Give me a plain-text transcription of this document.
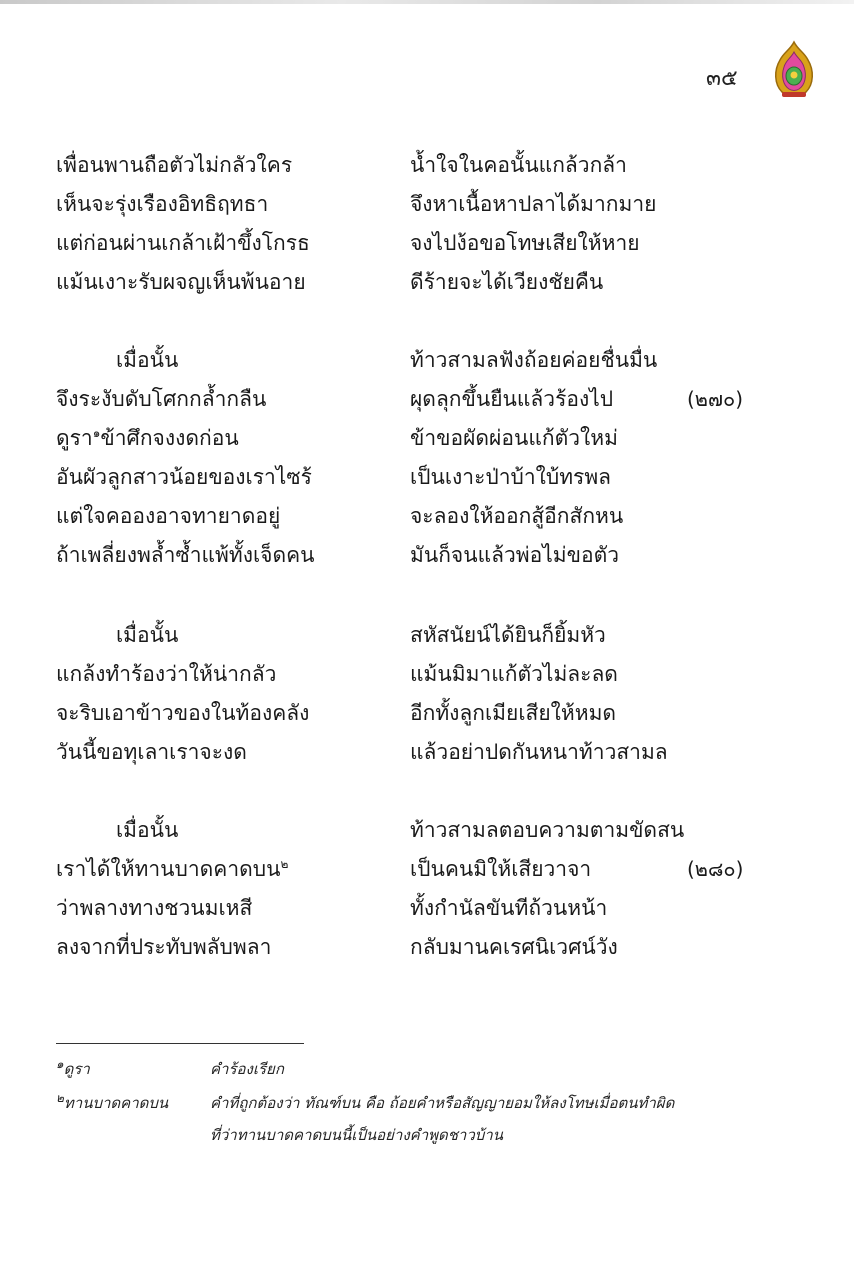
๓๕
เพื่อนพานถือตัวไม่กลัวใคร	น้ำใจในคอนั้นแกล้วกล้า
เห็นจะรุ่งเรืองอิทธิฤทธา	จึงหาเนื้อหาปลาได้มากมาย
แต่ก่อนผ่านเกล้าเฝ้าขึ้งโกรธ	จงไปง้อขอโทษเสียให้หาย
แม้นเงาะรับผจญเห็นพ้นอาย	ดีร้ายจะได้เวียงชัยคืน
เมื่อนั้น	ท้าวสามลฟังถ้อยค่อยชื่นมื่น
จึงระงับดับโศกกล้ำกลืน	ผุดลุกขึ้นยืนแล้วร้องไป	(๒๗๐)
ดูรา$^๑$ข้าศึกจงงดก่อน	ข้าขอผัดผ่อนแก้ตัวใหม่
อันผัวลูกสาวน้อยของเราไซร้	เป็นเงาะป่าบ้าใบ้ทรพล
แต่ใจคอองอาจทายาดอยู่	จะลองให้ออกสู้อีกสักหน
ถ้าเพลี่ยงพล้ำซ้ำแพ้ทั้งเจ็ดคน	มันก็จนแล้วพ่อไม่ขอตัว
เมื่อนั้น	สหัสนัยน์ได้ยินก็ยิ้มหัว
แกล้งทำร้องว่าให้น่ากลัว	แม้นมิมาแก้ตัวไม่ละลด
จะริบเอาข้าวของในท้องคลัง	อีกทั้งลูกเมียเสียให้หมด
วันนี้ขอทุเลาเราจะงด	แล้วอย่าปดกันหนาท้าวสามล
เมื่อนั้น	ท้าวสามลตอบความตามขัดสน
เราได้ให้ทานบาดคาดบน$^๒$	เป็นคนมิให้เสียวาจา	(๒๘๐)
ว่าพลางทางชวนมเหสี	ทั้งกำนัลขันทีถ้วนหน้า
ลงจากที่ประทับพลับพลา	กลับมานคเรศนิเวศน์วัง
$^๑$ดูรา	คำร้องเรียก
$^๒$ทานบาดคาดบน	คำที่ถูกต้องว่า ทัณฑ์บน คือ ถ้อยคำหรือสัญญายอมให้ลงโทษเมื่อตนทำผิด
ที่ว่าทานบาดคาดบนนี้เป็นอย่างคำพูดชาวบ้าน
